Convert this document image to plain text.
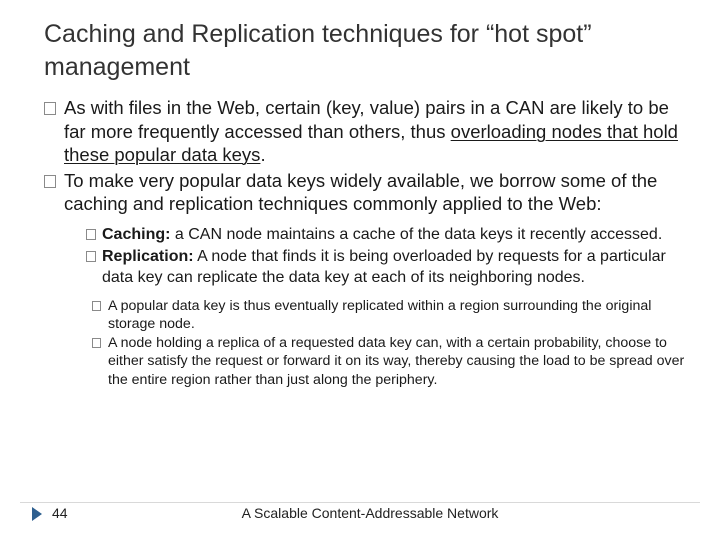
Caching and Replication techniques for “hot spot” management
As with files in the Web, certain (key, value) pairs in a CAN are likely to be far more frequently accessed than others, thus overloading nodes that hold these popular data keys.
To make very popular data keys widely available, we borrow some of the caching and replication techniques commonly applied to the Web:
Caching: a CAN node maintains a cache of the data keys it recently accessed.
Replication: A node that finds it is being overloaded by requests for a particular data key can replicate the data key at each of its neighboring nodes.
A popular data key is thus eventually replicated within a region surrounding the original storage node.
A node holding a replica of a requested data key can, with a certain probability, choose to either satisfy the request or forward it on its way, thereby causing the load to be spread over the entire region rather than just along the periphery.
44	A Scalable Content-Addressable Network
